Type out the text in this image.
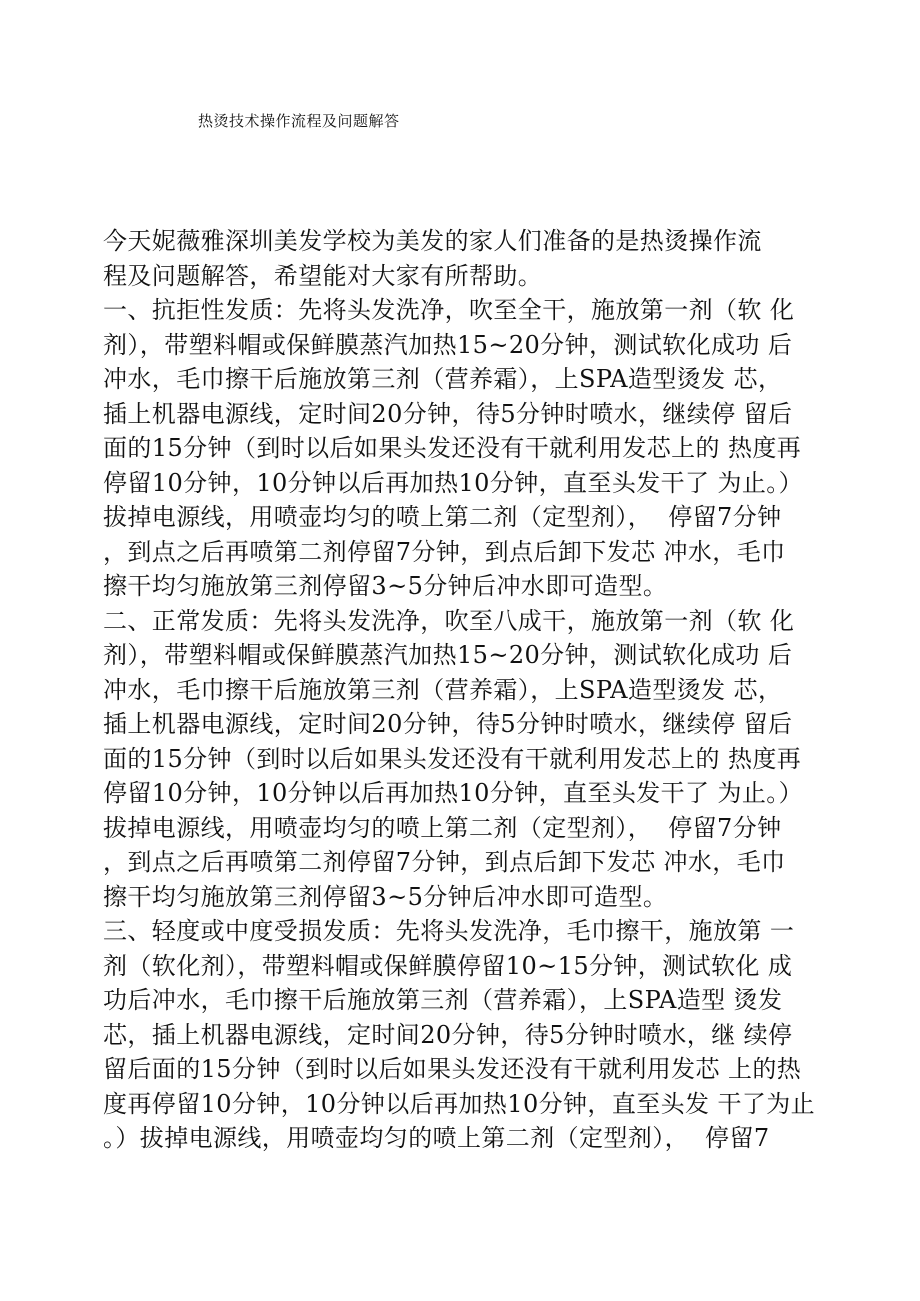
热烫技术操作流程及问题解答
今天妮薇雅深圳美发学校为美发的家人们准备的是热烫操作流
程及问题解答，希望能对大家有所帮助。
一、抗拒性发质：先将头发洗净，吹至全干，施放第一剂（软 化
剂），带塑料帽或保鲜膜蒸汽加热15~20分钟，测试软化成功 后
冲水，毛巾擦干后施放第三剂（营养霜），上SPA造型烫发 芯，
插上机器电源线，定时间20分钟，待5分钟时喷水，继续停 留后
面的15分钟（到时以后如果头发还没有干就利用发芯上的 热度再
停留10分钟，10分钟以后再加热10分钟，直至头发干了 为止。）
拔掉电源线，用喷壶均匀的喷上第二剂（定型剂），  停留7分钟
，到点之后再喷第二剂停留7分钟，到点后卸下发芯 冲水，毛巾
擦干均匀施放第三剂停留3~5分钟后冲水即可造型。
二、正常发质：先将头发洗净，吹至八成干，施放第一剂（软 化
剂），带塑料帽或保鲜膜蒸汽加热15~20分钟，测试软化成功 后
冲水，毛巾擦干后施放第三剂（营养霜），上SPA造型烫发 芯，
插上机器电源线，定时间20分钟，待5分钟时喷水，继续停 留后
面的15分钟（到时以后如果头发还没有干就利用发芯上的 热度再
停留10分钟，10分钟以后再加热10分钟，直至头发干了 为止。）
拔掉电源线，用喷壶均匀的喷上第二剂（定型剂），  停留7分钟
，到点之后再喷第二剂停留7分钟，到点后卸下发芯 冲水，毛巾
擦干均匀施放第三剂停留3~5分钟后冲水即可造型。
三、轻度或中度受损发质：先将头发洗净，毛巾擦干，施放第 一
剂（软化剂），带塑料帽或保鲜膜停留10~15分钟，测试软化 成
功后冲水，毛巾擦干后施放第三剂（营养霜），上SPA造型 烫发
芯，插上机器电源线，定时间20分钟，待5分钟时喷水，继 续停
留后面的15分钟（到时以后如果头发还没有干就利用发芯 上的热
度再停留10分钟，10分钟以后再加热10分钟，直至头发 干了为止
。）拔掉电源线，用喷壶均匀的喷上第二剂（定型剂），  停留7
